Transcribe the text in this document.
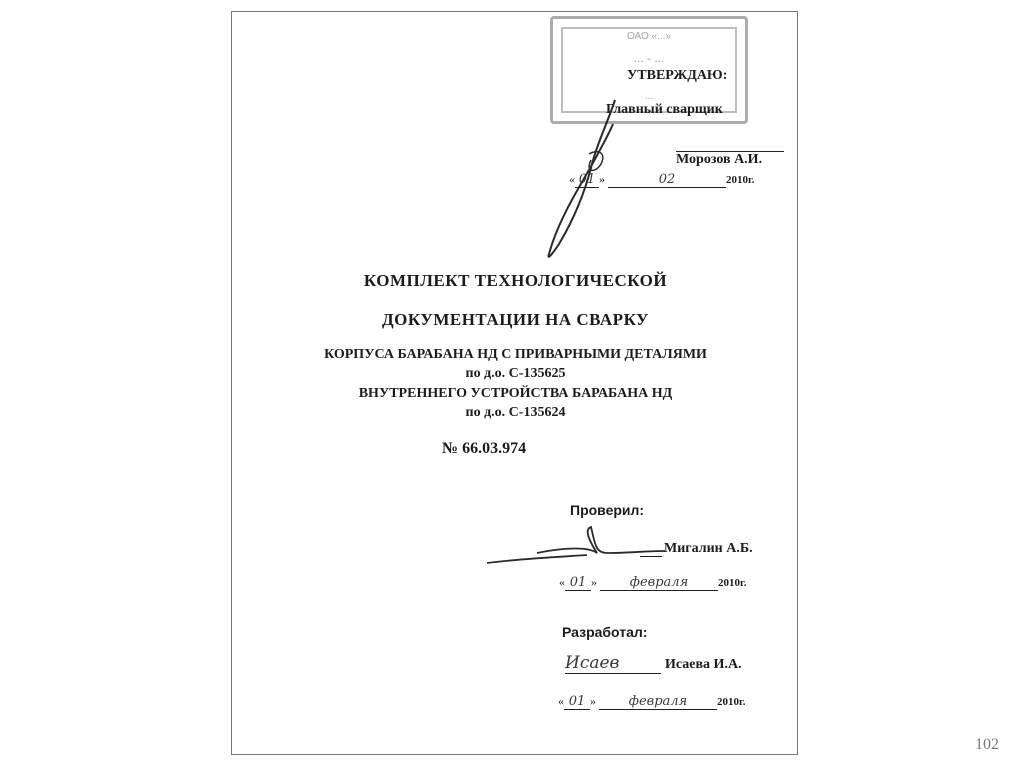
ОАО «...»
... - ...
...
УТВЕРЖДАЮ:
Главный сварщик
Морозов А.И.
« 01 »	02	2010г.
КОМПЛЕКТ ТЕХНОЛОГИЧЕСКОЙ
ДОКУМЕНТАЦИИ НА СВАРКУ
КОРПУСА БАРАБАНА НД С ПРИВАРНЫМИ ДЕТАЛЯМИ
по д.о. С-135625
ВНУТРЕННЕГО УСТРОЙСТВА БАРАБАНА НД
по д.о. С-135624
№ 66.03.974
Проверил:
Мигалин А.Б.
« 01 »	февраля	2010г.
Разработал:
Исаев	Исаева И.А.
« 01 »	февраля	2010г.
102
